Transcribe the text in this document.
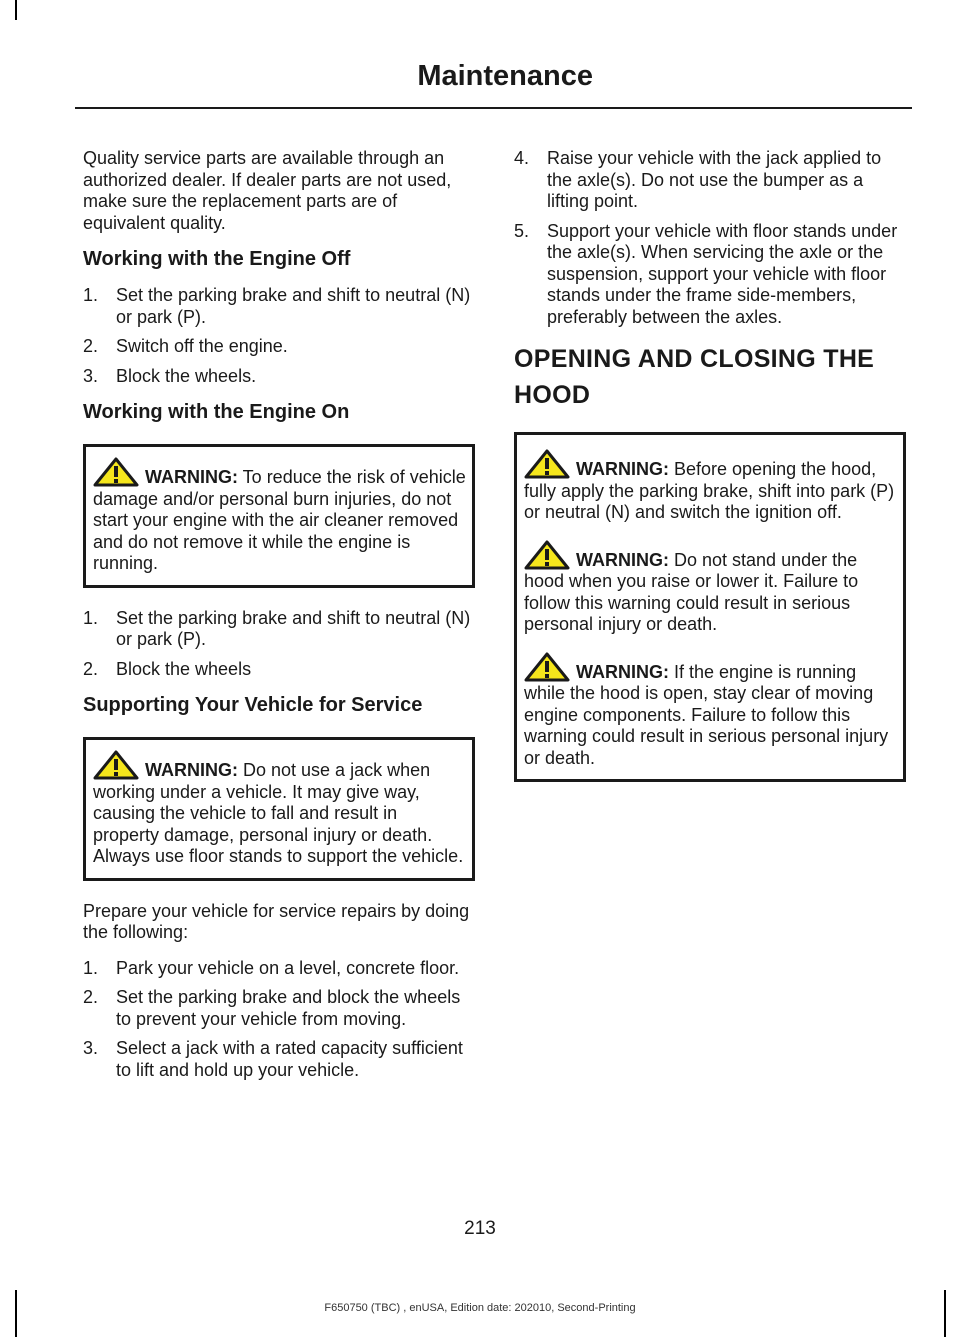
Maintenance

Quality service parts are available through an authorized dealer. If dealer parts are not used, make sure the replacement parts are of equivalent quality.

Working with the Engine Off
1. Set the parking brake and shift to neutral (N) or park (P).
2. Switch off the engine.
3. Block the wheels.
Working with the Engine On

WARNING: To reduce the risk of vehicle damage and/or personal burn injuries, do not start your engine with the air cleaner removed and do not remove it while the engine is running.

1. Set the parking brake and shift to neutral (N) or park (P).
2. Block the wheels
Supporting Your Vehicle for Service

WARNING: Do not use a jack when working under a vehicle. It may give way, causing the vehicle to fall and result in property damage, personal injury or death. Always use floor stands to support the vehicle.

Prepare your vehicle for service repairs by doing the following:

1. Park your vehicle on a level, concrete floor.
2. Set the parking brake and block the wheels to prevent your vehicle from moving.
3. Select a jack with a rated capacity sufficient to lift and hold up your vehicle.
4. Raise your vehicle with the jack applied to the axle(s). Do not use the bumper as a lifting point.
5. Support your vehicle with floor stands under the axle(s). When servicing the axle or the suspension, support your vehicle with floor stands under the frame side-members, preferably between the axles.
OPENING AND CLOSING THE
HOOD

WARNING: Before opening the hood, fully apply the parking brake, shift into park (P) or neutral (N) and switch the ignition off.

WARNING: Do not stand under the hood when you raise or lower it. Failure to follow this warning could result in serious personal injury or death.

WARNING: If the engine is running while the hood is open, stay clear of moving engine components. Failure to follow this warning could result in serious personal injury or death.

213
F650750 (TBC) , enUSA, Edition date: 202010, Second-Printing
